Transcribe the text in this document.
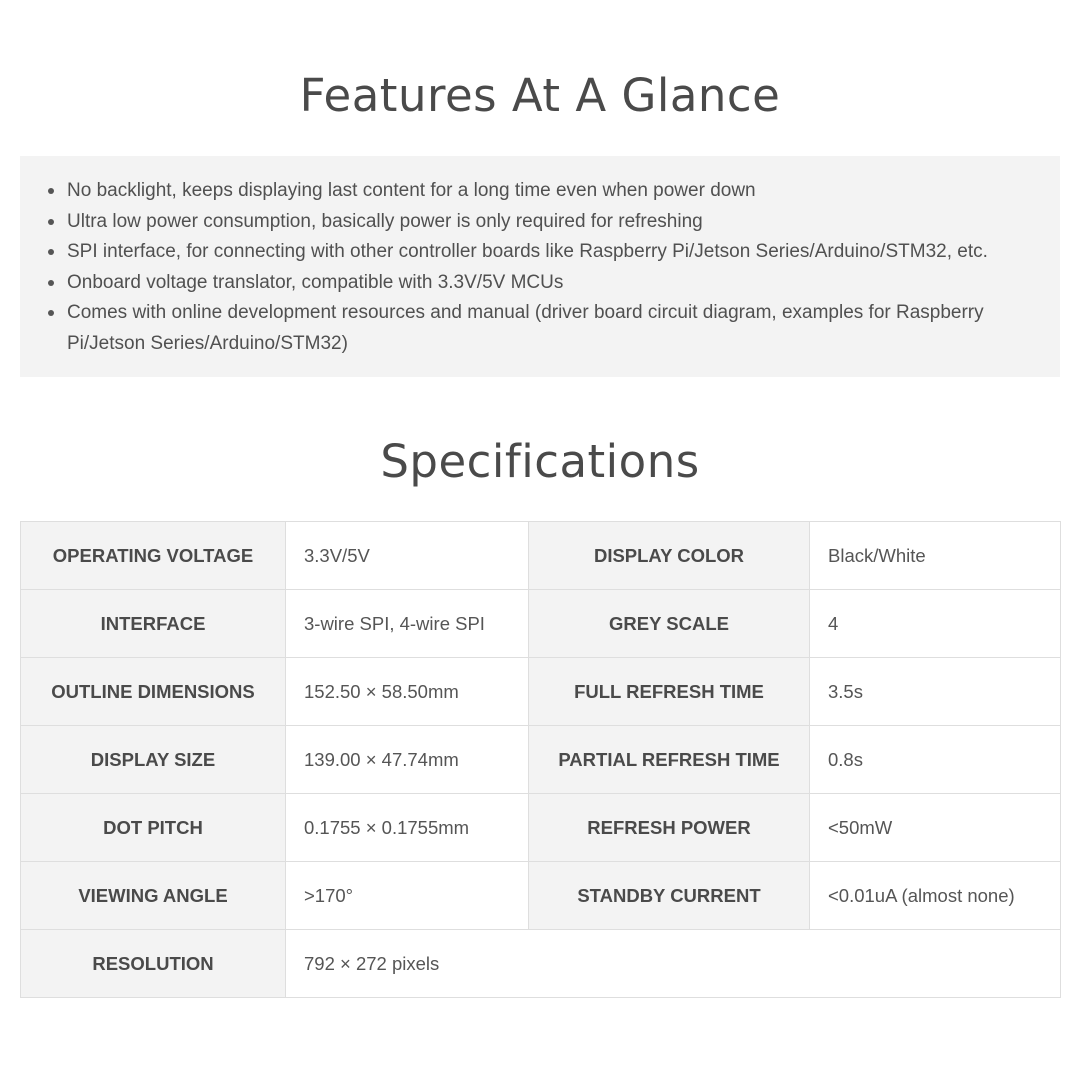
Features At A Glance
No backlight, keeps displaying last content for a long time even when power down
Ultra low power consumption, basically power is only required for refreshing
SPI interface, for connecting with other controller boards like Raspberry Pi/Jetson Series/Arduino/STM32, etc.
Onboard voltage translator, compatible with 3.3V/5V MCUs
Comes with online development resources and manual (driver board circuit diagram, examples for Raspberry Pi/Jetson Series/Arduino/STM32)
Specifications
OPERATING VOLTAGE	3.3V/5V	DISPLAY COLOR	Black/White
INTERFACE	3-wire SPI, 4-wire SPI	GREY SCALE	4
OUTLINE DIMENSIONS	152.50 × 58.50mm	FULL REFRESH TIME	3.5s
DISPLAY SIZE	139.00 × 47.74mm	PARTIAL REFRESH TIME	0.8s
DOT PITCH	0.1755 × 0.1755mm	REFRESH POWER	<50mW
VIEWING ANGLE	>170°	STANDBY CURRENT	<0.01uA (almost none)
RESOLUTION	792 × 272 pixels		
